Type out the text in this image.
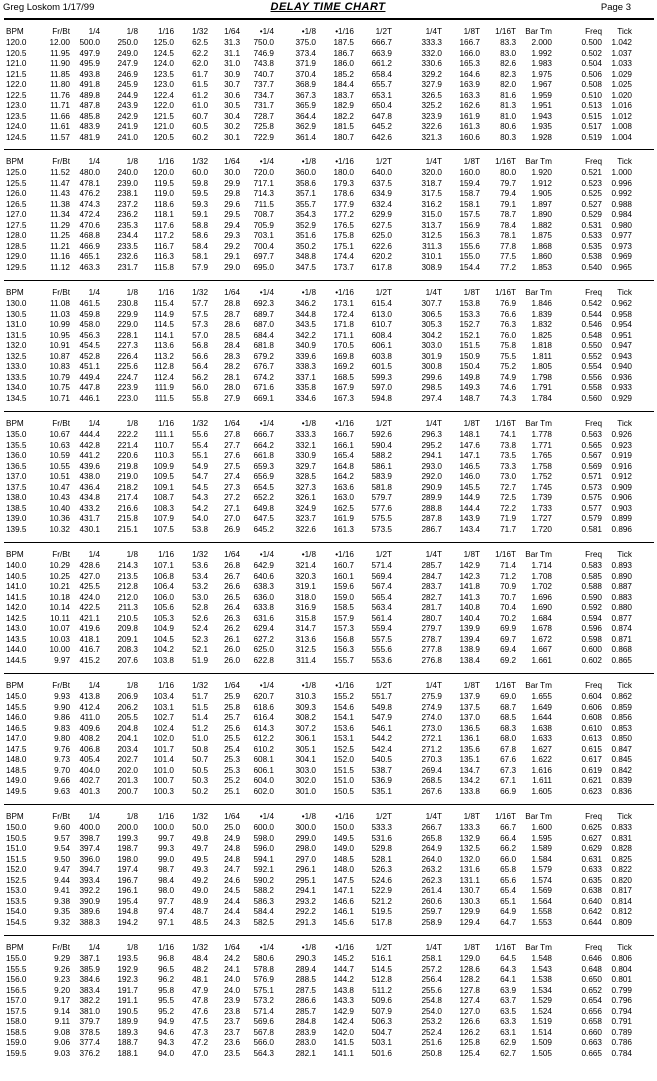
Greg Loskom 1/17/99	DELAY TIME CHART	Page 3
BPM	Fr/Bt	1/4	1/8	1/16	1/32	1/64	•1/4	•1/8	•1/16	1/2T	1/4T	1/8T	1/16T	Bar Tm	Freq	Tick
120.0	12.00	500.0	250.0	125.0	62.5	31.3	750.0	375.0	187.5	666.7	333.3	166.7	83.3	2.000	0.500	1.042
120.5	11.95	497.9	249.0	124.5	62.2	31.1	746.9	373.4	186.7	663.9	332.0	166.0	83.0	1.992	0.502	1.037
121.0	11.90	495.9	247.9	124.0	62.0	31.0	743.8	371.9	186.0	661.2	330.6	165.3	82.6	1.983	0.504	1.033
121.5	11.85	493.8	246.9	123.5	61.7	30.9	740.7	370.4	185.2	658.4	329.2	164.6	82.3	1.975	0.506	1.029
122.0	11.80	491.8	245.9	123.0	61.5	30.7	737.7	368.9	184.4	655.7	327.9	163.9	82.0	1.967	0.508	1.025
122.5	11.76	489.8	244.9	122.4	61.2	30.6	734.7	367.3	183.7	653.1	326.5	163.3	81.6	1.959	0.510	1.020
123.0	11.71	487.8	243.9	122.0	61.0	30.5	731.7	365.9	182.9	650.4	325.2	162.6	81.3	1.951	0.513	1.016
123.5	11.66	485.8	242.9	121.5	60.7	30.4	728.7	364.4	182.2	647.8	323.9	161.9	81.0	1.943	0.515	1.012
124.0	11.61	483.9	241.9	121.0	60.5	30.2	725.8	362.9	181.5	645.2	322.6	161.3	80.6	1.935	0.517	1.008
124.5	11.57	481.9	241.0	120.5	60.2	30.1	722.9	361.4	180.7	642.6	321.3	160.6	80.3	1.928	0.519	1.004
BPM	Fr/Bt	1/4	1/8	1/16	1/32	1/64	•1/4	•1/8	•1/16	1/2T	1/4T	1/8T	1/16T	Bar Tm	Freq	Tick
125.0	11.52	480.0	240.0	120.0	60.0	30.0	720.0	360.0	180.0	640.0	320.0	160.0	80.0	1.920	0.521	1.000
125.5	11.47	478.1	239.0	119.5	59.8	29.9	717.1	358.6	179.3	637.5	318.7	159.4	79.7	1.912	0.523	0.996
126.0	11.43	476.2	238.1	119.0	59.5	29.8	714.3	357.1	178.6	634.9	317.5	158.7	79.4	1.905	0.525	0.992
126.5	11.38	474.3	237.2	118.6	59.3	29.6	711.5	355.7	177.9	632.4	316.2	158.1	79.1	1.897	0.527	0.988
127.0	11.34	472.4	236.2	118.1	59.1	29.5	708.7	354.3	177.2	629.9	315.0	157.5	78.7	1.890	0.529	0.984
127.5	11.29	470.6	235.3	117.6	58.8	29.4	705.9	352.9	176.5	627.5	313.7	156.9	78.4	1.882	0.531	0.980
128.0	11.25	468.8	234.4	117.2	58.6	29.3	703.1	351.6	175.8	625.0	312.5	156.3	78.1	1.875	0.533	0.977
128.5	11.21	466.9	233.5	116.7	58.4	29.2	700.4	350.2	175.1	622.6	311.3	155.6	77.8	1.868	0.535	0.973
129.0	11.16	465.1	232.6	116.3	58.1	29.1	697.7	348.8	174.4	620.2	310.1	155.0	77.5	1.860	0.538	0.969
129.5	11.12	463.3	231.7	115.8	57.9	29.0	695.0	347.5	173.7	617.8	308.9	154.4	77.2	1.853	0.540	0.965
BPM	Fr/Bt	1/4	1/8	1/16	1/32	1/64	•1/4	•1/8	•1/16	1/2T	1/4T	1/8T	1/16T	Bar Tm	Freq	Tick
130.0	11.08	461.5	230.8	115.4	57.7	28.8	692.3	346.2	173.1	615.4	307.7	153.8	76.9	1.846	0.542	0.962
130.5	11.03	459.8	229.9	114.9	57.5	28.7	689.7	344.8	172.4	613.0	306.5	153.3	76.6	1.839	0.544	0.958
131.0	10.99	458.0	229.0	114.5	57.3	28.6	687.0	343.5	171.8	610.7	305.3	152.7	76.3	1.832	0.546	0.954
131.5	10.95	456.3	228.1	114.1	57.0	28.5	684.4	342.2	171.1	608.4	304.2	152.1	76.0	1.825	0.548	0.951
132.0	10.91	454.5	227.3	113.6	56.8	28.4	681.8	340.9	170.5	606.1	303.0	151.5	75.8	1.818	0.550	0.947
132.5	10.87	452.8	226.4	113.2	56.6	28.3	679.2	339.6	169.8	603.8	301.9	150.9	75.5	1.811	0.552	0.943
133.0	10.83	451.1	225.6	112.8	56.4	28.2	676.7	338.3	169.2	601.5	300.8	150.4	75.2	1.805	0.554	0.940
133.5	10.79	449.4	224.7	112.4	56.2	28.1	674.2	337.1	168.5	599.3	299.6	149.8	74.9	1.798	0.556	0.936
134.0	10.75	447.8	223.9	111.9	56.0	28.0	671.6	335.8	167.9	597.0	298.5	149.3	74.6	1.791	0.558	0.933
134.5	10.71	446.1	223.0	111.5	55.8	27.9	669.1	334.6	167.3	594.8	297.4	148.7	74.3	1.784	0.560	0.929
BPM	Fr/Bt	1/4	1/8	1/16	1/32	1/64	•1/4	•1/8	•1/16	1/2T	1/4T	1/8T	1/16T	Bar Tm	Freq	Tick
135.0	10.67	444.4	222.2	111.1	55.6	27.8	666.7	333.3	166.7	592.6	296.3	148.1	74.1	1.778	0.563	0.926
135.5	10.63	442.8	221.4	110.7	55.4	27.7	664.2	332.1	166.1	590.4	295.2	147.6	73.8	1.771	0.565	0.923
136.0	10.59	441.2	220.6	110.3	55.1	27.6	661.8	330.9	165.4	588.2	294.1	147.1	73.5	1.765	0.567	0.919
136.5	10.55	439.6	219.8	109.9	54.9	27.5	659.3	329.7	164.8	586.1	293.0	146.5	73.3	1.758	0.569	0.916
137.0	10.51	438.0	219.0	109.5	54.7	27.4	656.9	328.5	164.2	583.9	292.0	146.0	73.0	1.752	0.571	0.912
137.5	10.47	436.4	218.2	109.1	54.5	27.3	654.5	327.3	163.6	581.8	290.9	145.5	72.7	1.745	0.573	0.909
138.0	10.43	434.8	217.4	108.7	54.3	27.2	652.2	326.1	163.0	579.7	289.9	144.9	72.5	1.739	0.575	0.906
138.5	10.40	433.2	216.6	108.3	54.2	27.1	649.8	324.9	162.5	577.6	288.8	144.4	72.2	1.733	0.577	0.903
139.0	10.36	431.7	215.8	107.9	54.0	27.0	647.5	323.7	161.9	575.5	287.8	143.9	71.9	1.727	0.579	0.899
139.5	10.32	430.1	215.1	107.5	53.8	26.9	645.2	322.6	161.3	573.5	286.7	143.4	71.7	1.720	0.581	0.896
BPM	Fr/Bt	1/4	1/8	1/16	1/32	1/64	•1/4	•1/8	•1/16	1/2T	1/4T	1/8T	1/16T	Bar Tm	Freq	Tick
140.0	10.29	428.6	214.3	107.1	53.6	26.8	642.9	321.4	160.7	571.4	285.7	142.9	71.4	1.714	0.583	0.893
140.5	10.25	427.0	213.5	106.8	53.4	26.7	640.6	320.3	160.1	569.4	284.7	142.3	71.2	1.708	0.585	0.890
141.0	10.21	425.5	212.8	106.4	53.2	26.6	638.3	319.1	159.6	567.4	283.7	141.8	70.9	1.702	0.588	0.887
141.5	10.18	424.0	212.0	106.0	53.0	26.5	636.0	318.0	159.0	565.4	282.7	141.3	70.7	1.696	0.590	0.883
142.0	10.14	422.5	211.3	105.6	52.8	26.4	633.8	316.9	158.5	563.4	281.7	140.8	70.4	1.690	0.592	0.880
142.5	10.11	421.1	210.5	105.3	52.6	26.3	631.6	315.8	157.9	561.4	280.7	140.4	70.2	1.684	0.594	0.877
143.0	10.07	419.6	209.8	104.9	52.4	26.2	629.4	314.7	157.3	559.4	279.7	139.9	69.9	1.678	0.596	0.874
143.5	10.03	418.1	209.1	104.5	52.3	26.1	627.2	313.6	156.8	557.5	278.7	139.4	69.7	1.672	0.598	0.871
144.0	10.00	416.7	208.3	104.2	52.1	26.0	625.0	312.5	156.3	555.6	277.8	138.9	69.4	1.667	0.600	0.868
144.5	9.97	415.2	207.6	103.8	51.9	26.0	622.8	311.4	155.7	553.6	276.8	138.4	69.2	1.661	0.602	0.865
BPM	Fr/Bt	1/4	1/8	1/16	1/32	1/64	•1/4	•1/8	•1/16	1/2T	1/4T	1/8T	1/16T	Bar Tm	Freq	Tick
145.0	9.93	413.8	206.9	103.4	51.7	25.9	620.7	310.3	155.2	551.7	275.9	137.9	69.0	1.655	0.604	0.862
145.5	9.90	412.4	206.2	103.1	51.5	25.8	618.6	309.3	154.6	549.8	274.9	137.5	68.7	1.649	0.606	0.859
146.0	9.86	411.0	205.5	102.7	51.4	25.7	616.4	308.2	154.1	547.9	274.0	137.0	68.5	1.644	0.608	0.856
146.5	9.83	409.6	204.8	102.4	51.2	25.6	614.3	307.2	153.6	546.1	273.0	136.5	68.3	1.638	0.610	0.853
147.0	9.80	408.2	204.1	102.0	51.0	25.5	612.2	306.1	153.1	544.2	272.1	136.1	68.0	1.633	0.613	0.850
147.5	9.76	406.8	203.4	101.7	50.8	25.4	610.2	305.1	152.5	542.4	271.2	135.6	67.8	1.627	0.615	0.847
148.0	9.73	405.4	202.7	101.4	50.7	25.3	608.1	304.1	152.0	540.5	270.3	135.1	67.6	1.622	0.617	0.845
148.5	9.70	404.0	202.0	101.0	50.5	25.3	606.1	303.0	151.5	538.7	269.4	134.7	67.3	1.616	0.619	0.842
149.0	9.66	402.7	201.3	100.7	50.3	25.2	604.0	302.0	151.0	536.9	268.5	134.2	67.1	1.611	0.621	0.839
149.5	9.63	401.3	200.7	100.3	50.2	25.1	602.0	301.0	150.5	535.1	267.6	133.8	66.9	1.605	0.623	0.836
BPM	Fr/Bt	1/4	1/8	1/16	1/32	1/64	•1/4	•1/8	•1/16	1/2T	1/4T	1/8T	1/16T	Bar Tm	Freq	Tick
150.0	9.60	400.0	200.0	100.0	50.0	25.0	600.0	300.0	150.0	533.3	266.7	133.3	66.7	1.600	0.625	0.833
150.5	9.57	398.7	199.3	99.7	49.8	24.9	598.0	299.0	149.5	531.6	265.8	132.9	66.4	1.595	0.627	0.831
151.0	9.54	397.4	198.7	99.3	49.7	24.8	596.0	298.0	149.0	529.8	264.9	132.5	66.2	1.589	0.629	0.828
151.5	9.50	396.0	198.0	99.0	49.5	24.8	594.1	297.0	148.5	528.1	264.0	132.0	66.0	1.584	0.631	0.825
152.0	9.47	394.7	197.4	98.7	49.3	24.7	592.1	296.1	148.0	526.3	263.2	131.6	65.8	1.579	0.633	0.822
152.5	9.44	393.4	196.7	98.4	49.2	24.6	590.2	295.1	147.5	524.6	262.3	131.1	65.6	1.574	0.635	0.820
153.0	9.41	392.2	196.1	98.0	49.0	24.5	588.2	294.1	147.1	522.9	261.4	130.7	65.4	1.569	0.638	0.817
153.5	9.38	390.9	195.4	97.7	48.9	24.4	586.3	293.2	146.6	521.2	260.6	130.3	65.1	1.564	0.640	0.814
154.0	9.35	389.6	194.8	97.4	48.7	24.4	584.4	292.2	146.1	519.5	259.7	129.9	64.9	1.558	0.642	0.812
154.5	9.32	388.3	194.2	97.1	48.5	24.3	582.5	291.3	145.6	517.8	258.9	129.4	64.7	1.553	0.644	0.809
BPM	Fr/Bt	1/4	1/8	1/16	1/32	1/64	•1/4	•1/8	•1/16	1/2T	1/4T	1/8T	1/16T	Bar Tm	Freq	Tick
155.0	9.29	387.1	193.5	96.8	48.4	24.2	580.6	290.3	145.2	516.1	258.1	129.0	64.5	1.548	0.646	0.806
155.5	9.26	385.9	192.9	96.5	48.2	24.1	578.8	289.4	144.7	514.5	257.2	128.6	64.3	1.543	0.648	0.804
156.0	9.23	384.6	192.3	96.2	48.1	24.0	576.9	288.5	144.2	512.8	256.4	128.2	64.1	1.538	0.650	0.801
156.5	9.20	383.4	191.7	95.8	47.9	24.0	575.1	287.5	143.8	511.2	255.6	127.8	63.9	1.534	0.652	0.799
157.0	9.17	382.2	191.1	95.5	47.8	23.9	573.2	286.6	143.3	509.6	254.8	127.4	63.7	1.529	0.654	0.796
157.5	9.14	381.0	190.5	95.2	47.6	23.8	571.4	285.7	142.9	507.9	254.0	127.0	63.5	1.524	0.656	0.794
158.0	9.11	379.7	189.9	94.9	47.5	23.7	569.6	284.8	142.4	506.3	253.2	126.6	63.3	1.519	0.658	0.791
158.5	9.08	378.5	189.3	94.6	47.3	23.7	567.8	283.9	142.0	504.7	252.4	126.2	63.1	1.514	0.660	0.789
159.0	9.06	377.4	188.7	94.3	47.2	23.6	566.0	283.0	141.5	503.1	251.6	125.8	62.9	1.509	0.663	0.786
159.5	9.03	376.2	188.1	94.0	47.0	23.5	564.3	282.1	141.1	501.6	250.8	125.4	62.7	1.505	0.665	0.784
